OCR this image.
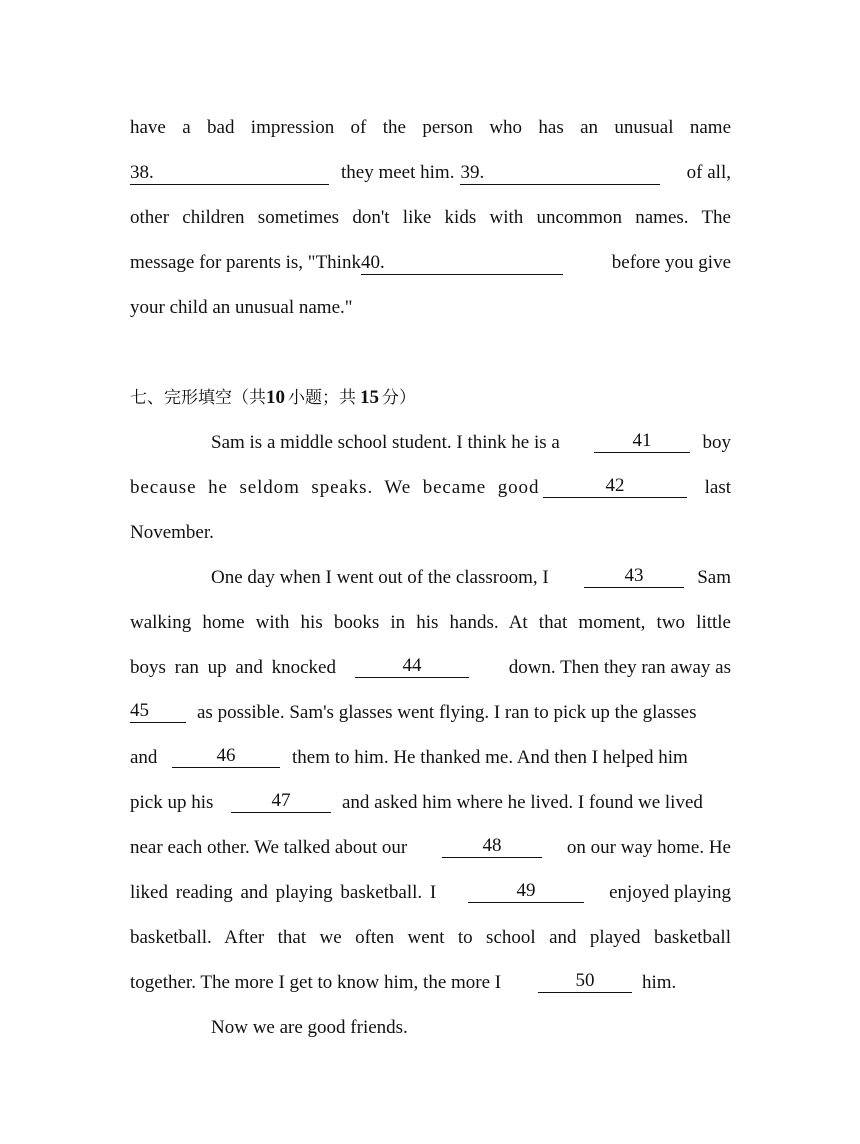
have a bad impression of the person who has an unusual name
38.	they meet him. 39.	of all,
other children sometimes don't like kids with uncommon names. The
message for parents is, "Think40.	before you give
your child an unusual name."
七、完形填空（共10 小题；共 15 分）
Sam is a middle school student. I think he is a	41	boy
because he seldom speaks. We became good	42	last
November.
One day when I went out of the classroom, I	43	Sam
walking home with his books in his hands. At that moment, two little
boys ran up and knocked	44	down. Then they ran away as
45	as possible. Sam's glasses went flying. I ran to pick up the glasses
and	46	them to him. He thanked me. And then I helped him
pick up his	47	and asked him where he lived. I found we lived
near each other. We talked about our	48	on our way home. He
liked reading and playing basketball. I	49	enjoyed playing
basketball. After that we often went to school and played basketball
together. The more I get to know him, the more I	50	him.
Now we are good friends.
